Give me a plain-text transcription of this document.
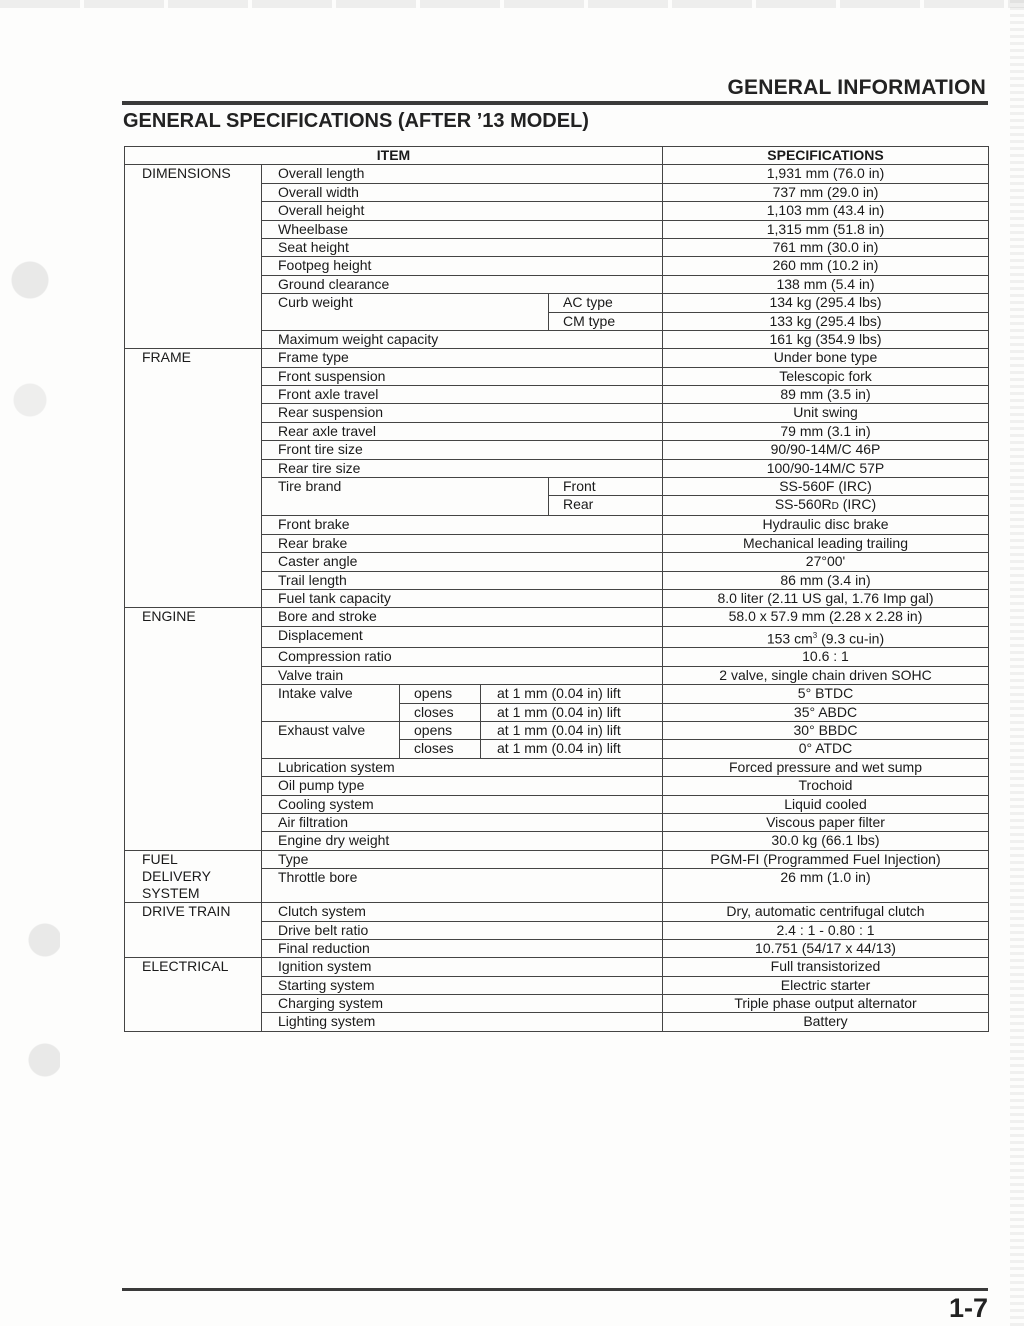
GENERAL INFORMATION
GENERAL SPECIFICATIONS (AFTER ’13 MODEL)
ITEM					SPECIFICATIONS
DIMENSIONS	Overall length				1,931 mm (76.0 in)
	Overall width				737 mm (29.0 in)
	Overall height				1,103 mm (43.4 in)
	Wheelbase				1,315 mm (51.8 in)
	Seat height				761 mm (30.0 in)
	Footpeg height				260 mm (10.2 in)
	Ground clearance				138 mm (5.4 in)
	Curb weight			AC type	134 kg (295.4 lbs)
				CM type	133 kg (295.4 lbs)
	Maximum weight capacity				161 kg (354.9 lbs)
FRAME	Frame type				Under bone type
	Front suspension				Telescopic fork
	Front axle travel				89 mm (3.5 in)
	Rear suspension				Unit swing
	Rear axle travel				79 mm (3.1 in)
	Front tire size				90/90-14M/C 46P
	Rear tire size				100/90-14M/C 57P
	Tire brand			Front	SS-560F (IRC)
				Rear	SS-560RD (IRC)
	Front brake				Hydraulic disc brake
	Rear brake				Mechanical leading trailing
	Caster angle				27°00'
	Trail length				86 mm (3.4 in)
	Fuel tank capacity				8.0 liter (2.11 US gal, 1.76 Imp gal)
ENGINE	Bore and stroke				58.0 x 57.9 mm (2.28 x 2.28 in)
	Displacement				153 $cm^3$ (9.3 cu-in)
	Compression ratio				10.6 : 1
	Valve train				2 valve, single chain driven SOHC
	Intake valve	opens	at 1 mm (0.04 in) lift		5° BTDC
		closes	at 1 mm (0.04 in) lift		35° ABDC
	Exhaust valve	opens	at 1 mm (0.04 in) lift		30° BBDC
		closes	at 1 mm (0.04 in) lift		0° ATDC
	Lubrication system				Forced pressure and wet sump
	Oil pump type				Trochoid
	Cooling system				Liquid cooled
	Air filtration				Viscous paper filter
	Engine dry weight				30.0 kg (66.1 lbs)

FUEL
DELIVERY
SYSTEM	Type				PGM-FI (Programmed Fuel Injection)
	Throttle bore				26 mm (1.0 in)
DRIVE TRAIN	Clutch system				Dry, automatic centrifugal clutch
	Drive belt ratio				2.4 : 1 - 0.80 : 1
	Final reduction				10.751 (54/17 x 44/13)
ELECTRICAL	Ignition system				Full transistorized
	Starting system				Electric starter
	Charging system				Triple phase output alternator
	Lighting system				Battery
1-7
